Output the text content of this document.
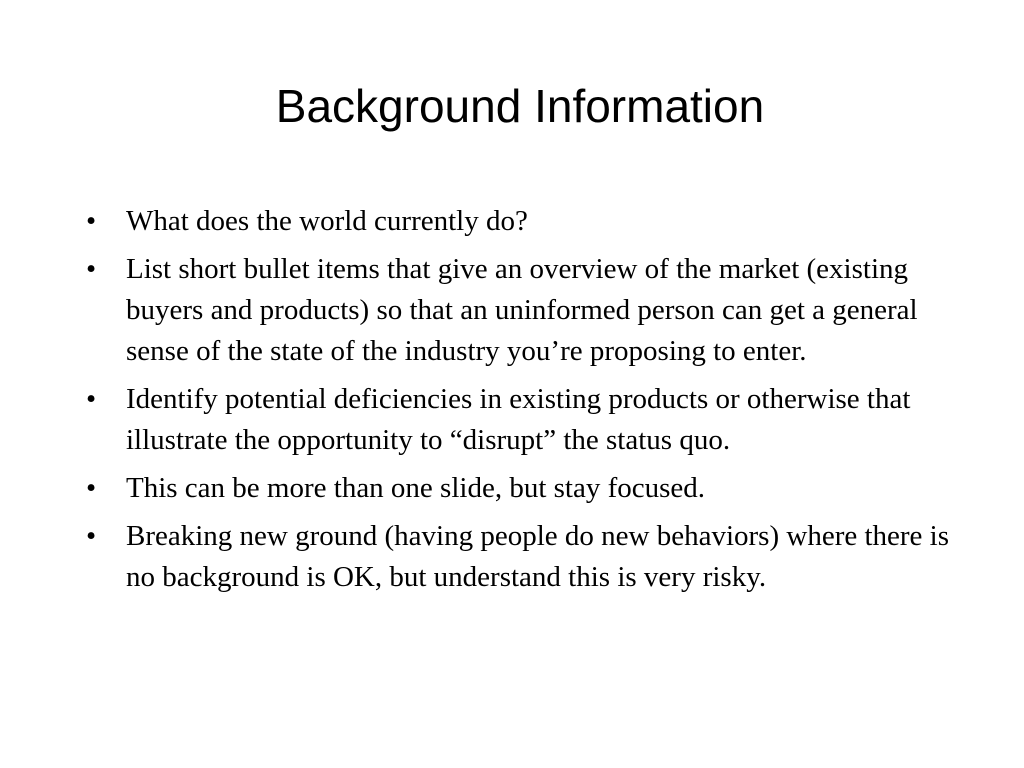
Background Information
•	What does the world currently do?
•	List short bullet items that give an overview of the market (existing buyers and products) so that an uninformed person can get a general sense of the state of the industry you’re proposing to enter.
•	Identify potential deficiencies in existing products or otherwise that illustrate the opportunity to “disrupt” the status quo.
•	This can be more than one slide, but stay focused.
•	Breaking new ground (having people do new behaviors) where there is no background is OK, but understand this is very risky.
